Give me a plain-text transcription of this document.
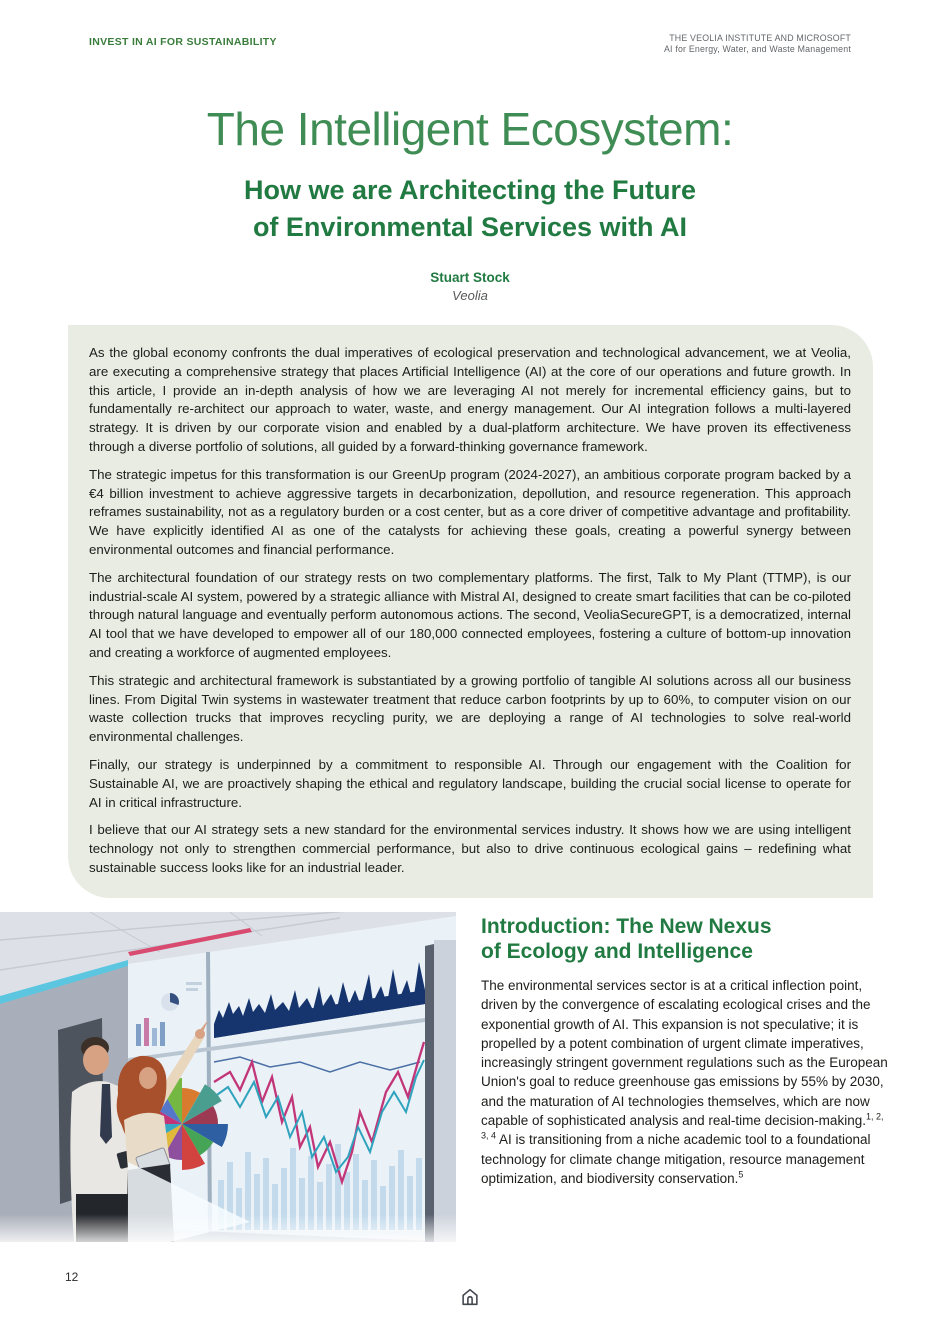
INVEST IN AI FOR SUSTAINABILITY	THE VEOLIA INSTITUTE AND MICROSOFT
AI for Energy, Water, and Waste Management
The Intelligent Ecosystem:
How we are Architecting the Future
of Environmental Services with AI
Stuart Stock
Veolia

As the global economy confronts the dual imperatives of ecological preservation and technological advancement, we at Veolia, are executing a comprehensive strategy that places Artificial Intelligence (AI) at the core of our operations and future growth. In this article, I provide an in-depth analysis of how we are leveraging AI not merely for incremental efficiency gains, but to fundamentally re-architect our approach to water, waste, and energy management. Our AI integration follows a multi-layered strategy. It is driven by our corporate vision and enabled by a dual-platform architecture. We have proven its effectiveness through a diverse portfolio of solutions, all guided by a forward-thinking governance framework.

The strategic impetus for this transformation is our GreenUp program (2024-2027), an ambitious corporate program backed by a €4 billion investment to achieve aggressive targets in decarbonization, depollution, and resource regeneration. This approach reframes sustainability, not as a regulatory burden or a cost center, but as a core driver of competitive advantage and profitability. We have explicitly identified AI as one of the catalysts for achieving these goals, creating a powerful synergy between environmental outcomes and financial performance.

The architectural foundation of our strategy rests on two complementary platforms. The first, Talk to My Plant (TTMP), is our industrial-scale AI system, powered by a strategic alliance with Mistral AI, designed to create smart facilities that can be co-piloted through natural language and eventually perform autonomous actions. The second, VeoliaSecureGPT, is a democratized, internal AI tool that we have developed to empower all of our 180,000 connected employees, fostering a culture of bottom-up innovation and creating a workforce of augmented employees.

This strategic and architectural framework is substantiated by a growing portfolio of tangible AI solutions across all our business lines. From Digital Twin systems in wastewater treatment that reduce carbon footprints by up to 60%, to computer vision on our waste collection trucks that improves recycling purity, we are deploying a range of AI technologies to solve real-world environmental challenges.

Finally, our strategy is underpinned by a commitment to responsible AI. Through our engagement with the Coalition for Sustainable AI, we are proactively shaping the ethical and regulatory landscape, building the crucial social license to operate for AI in critical infrastructure.

I believe that our AI strategy sets a new standard for the environmental services industry. It shows how we are using intelligent technology not only to strengthen commercial performance, but also to drive continuous ecological gains – redefining what sustainable success looks like for an industrial leader.

Introduction: The New Nexus
of Ecology and Intelligence

The environmental services sector is at a critical inflection point, driven by the convergence of escalating ecological crises and the exponential growth of AI. This expansion is not speculative; it is propelled by a potent combination of urgent climate imperatives, increasingly stringent government regulations such as the European Union's goal to reduce greenhouse gas emissions by 55% by 2030, and the maturation of AI technologies themselves, which are now capable of sophisticated analysis and real-time decision-making.$^{1, 2, 3, 4}$ AI is transitioning from a niche academic tool to a foundational technology for climate change mitigation, resource management optimization, and biodiversity conservation.$^5$

12
